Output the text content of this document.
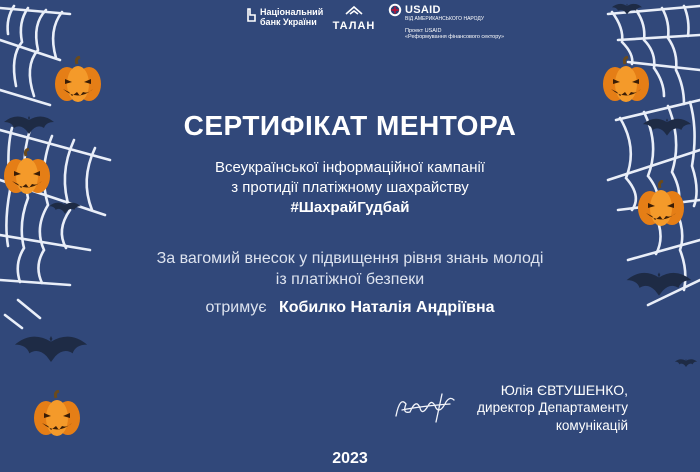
Національний
банк України	ТАЛАН
USAID
ВІД АМЕРИКАНСЬКОГО НАРОДУ
Проект USAID
«Реформування фінансового сектору»
СЕРТИФІКАТ МЕНТОРА
Всеукраїнської інформаційної кампанії
з протидії платіжному шахрайству
#ШахрайГудбай
За вагомий внесок у підвищення рівня знань молоді
із платіжної безпеки
отримує Кобилко Наталія Андріївна
Юлія ЄВТУШЕНКО,
директор Департаменту
комунікацій
2023
